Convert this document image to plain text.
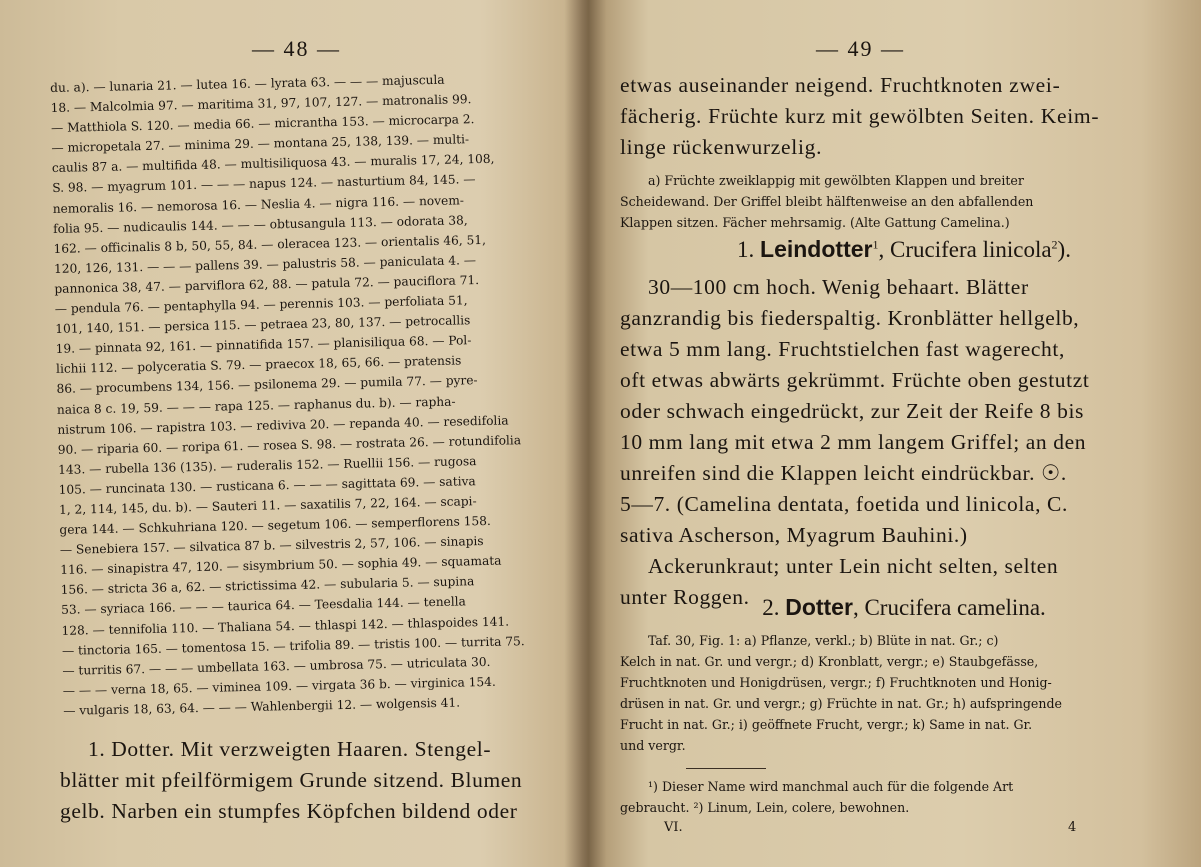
— 48 —
du. a). — lunaria 21. — lutea 16. — lyrata 63. — — — majuscula
18. — Malcolmia 97. — maritima 31, 97, 107, 127. — matronalis 99.
— Matthiola S. 120. — media 66. — micrantha 153. — microcarpa 2.
— micropetala 27. — minima 29. — montana 25, 138, 139. — multi-
caulis 87 a. — multifida 48. — multisiliquosa 43. — muralis 17, 24, 108,
S. 98. — myagrum 101. — — — napus 124. — nasturtium 84, 145. —
nemoralis 16. — nemorosa 16. — Neslia 4. — nigra 116. — novem-
folia 95. — nudicaulis 144. — — — obtusangula 113. — odorata 38,
162. — officinalis 8 b, 50, 55, 84. — oleracea 123. — orientalis 46, 51,
120, 126, 131. — — — pallens 39. — palustris 58. — paniculata 4. —
pannonica 38, 47. — parviflora 62, 88. — patula 72. — pauciflora 71.
— pendula 76. — pentaphylla 94. — perennis 103. — perfoliata 51,
101, 140, 151. — persica 115. — petraea 23, 80, 137. — petrocallis
19. — pinnata 92, 161. — pinnatifida 157. — planisiliqua 68. — Pol-
lichii 112. — polyceratia S. 79. — praecox 18, 65, 66. — pratensis
86. — procumbens 134, 156. — psilonema 29. — pumila 77. — pyre-
naica 8 c. 19, 59. — — — rapa 125. — raphanus du. b). — rapha-
nistrum 106. — rapistra 103. — rediviva 20. — repanda 40. — resedifolia
90. — riparia 60. — roripa 61. — rosea S. 98. — rostrata 26. — rotundifolia
143. — rubella 136 (135). — ruderalis 152. — Ruellii 156. — rugosa
105. — runcinata 130. — rusticana 6. — — — sagittata 69. — sativa
1, 2, 114, 145, du. b). — Sauteri 11. — saxatilis 7, 22, 164. — scapi-
gera 144. — Schkuhriana 120. — segetum 106. — semperflorens 158.
— Senebiera 157. — silvatica 87 b. — silvestris 2, 57, 106. — sinapis
116. — sinapistra 47, 120. — sisymbrium 50. — sophia 49. — squamata
156. — stricta 36 a, 62. — strictissima 42. — subularia 5. — supina
53. — syriaca 166. — — — taurica 64. — Teesdalia 144. — tenella
128. — tennifolia 110. — Thaliana 54. — thlaspi 142. — thlaspoides 141.
— tinctoria 165. — tomentosa 15. — trifolia 89. — tristis 100. — turrita 75.
— turritis 67. — — — umbellata 163. — umbrosa 75. — utriculata 30.
— — — verna 18, 65. — viminea 109. — virgata 36 b. — virginica 154.
— vulgaris 18, 63, 64. — — — Wahlenbergii 12. — wolgensis 41.
1. Dotter. Mit verzweigten Haaren. Stengel-
blätter mit pfeilförmigem Grunde sitzend. Blumen
gelb. Narben ein stumpfes Köpfchen bildend oder
— 49 —
etwas auseinander neigend. Fruchtknoten zwei-
fächerig. Früchte kurz mit gewölbten Seiten. Keim-
linge rückenwurzelig.
a) Früchte zweiklappig mit gewölbten Klappen und breiter
Scheidewand. Der Griffel bleibt hälftenweise an den abfallenden
Klappen sitzen. Fächer mehrsamig. (Alte Gattung Camelina.)
1. Leindotter$^1$, Crucifera linicola$^2$).
30—100 cm hoch. Wenig behaart. Blätter
ganzrandig bis fiederspaltig. Kronblätter hellgelb,
etwa 5 mm lang. Fruchtstielchen fast wagerecht,
oft etwas abwärts gekrümmt. Früchte oben gestutzt
oder schwach eingedrückt, zur Zeit der Reife 8 bis
10 mm lang mit etwa 2 mm langem Griffel; an den
unreifen sind die Klappen leicht eindrückbar. ☉.
5—7. (Camelina dentata, foetida und linicola, C.
sativa Ascherson, Myagrum Bauhini.)
Ackerunkraut; unter Lein nicht selten, selten
unter Roggen. 2. Dotter, Crucifera camelina.
Taf. 30, Fig. 1: a) Pflanze, verkl.; b) Blüte in nat. Gr.; c)
Kelch in nat. Gr. und vergr.; d) Kronblatt, vergr.; e) Staubgefässe,
Fruchtknoten und Honigdrüsen, vergr.; f) Fruchtknoten und Honig-
drüsen in nat. Gr. und vergr.; g) Früchte in nat. Gr.; h) aufspringende
Frucht in nat. Gr.; i) geöffnete Frucht, vergr.; k) Same in nat. Gr.
und vergr.
¹) Dieser Name wird manchmal auch für die folgende Art
gebraucht. ²) Linum, Lein, colere, bewohnen.
VI.	4
